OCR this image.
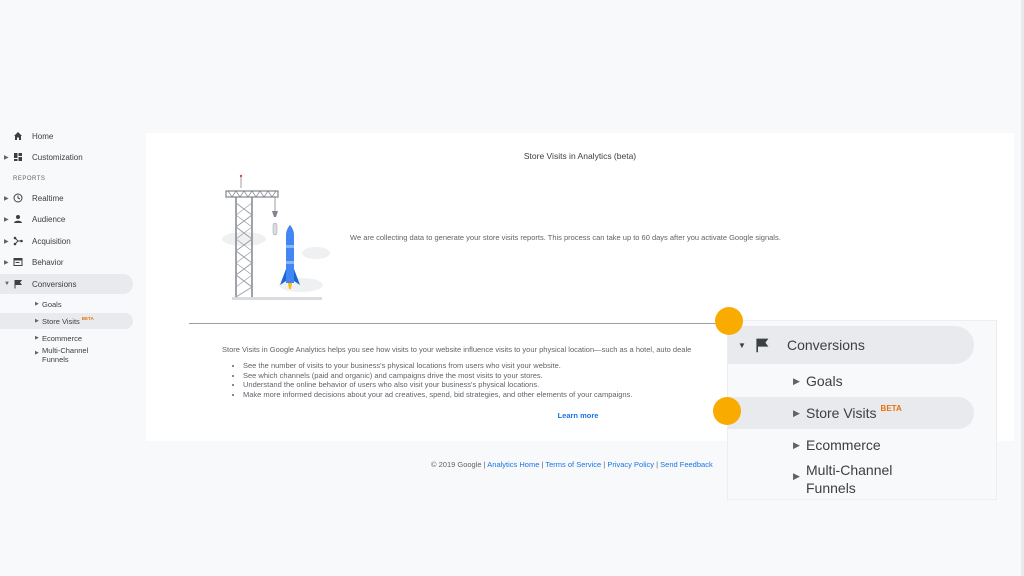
Home
▶	Customization
REPORTS
▶	Realtime
▶	Audience
▶	Acquisition
▶	Behavior
▼	Conversions
▶ Goals
▶ Store Visits $^{BETA}$
▶ Ecommerce
▶ Multi-Channel
Funnels
Store Visits in Analytics (beta)
We are collecting data to generate your store visits reports. This process can take up to 60 days after you activate Google signals.
Store Visits in Google Analytics helps you see how visits to your website influence visits to your physical location—such as a hotel, auto deale
• See the number of visits to your business's physical locations from users who visit your website.
• See which channels (paid and organic) and campaigns drive the most visits to your stores.
• Understand the online behavior of users who also visit your business's physical locations.
• Make more informed decisions about your ad creatives, spend, bid strategies, and other elements of your campaigns.
Learn more
© 2019 Google | Analytics Home | Terms of Service | Privacy Policy | Send Feedback
▼	Conversions
▶ Goals
▶ Store Visits $^{BETA}$
▶ Ecommerce
▶ Multi-Channel
Funnels
